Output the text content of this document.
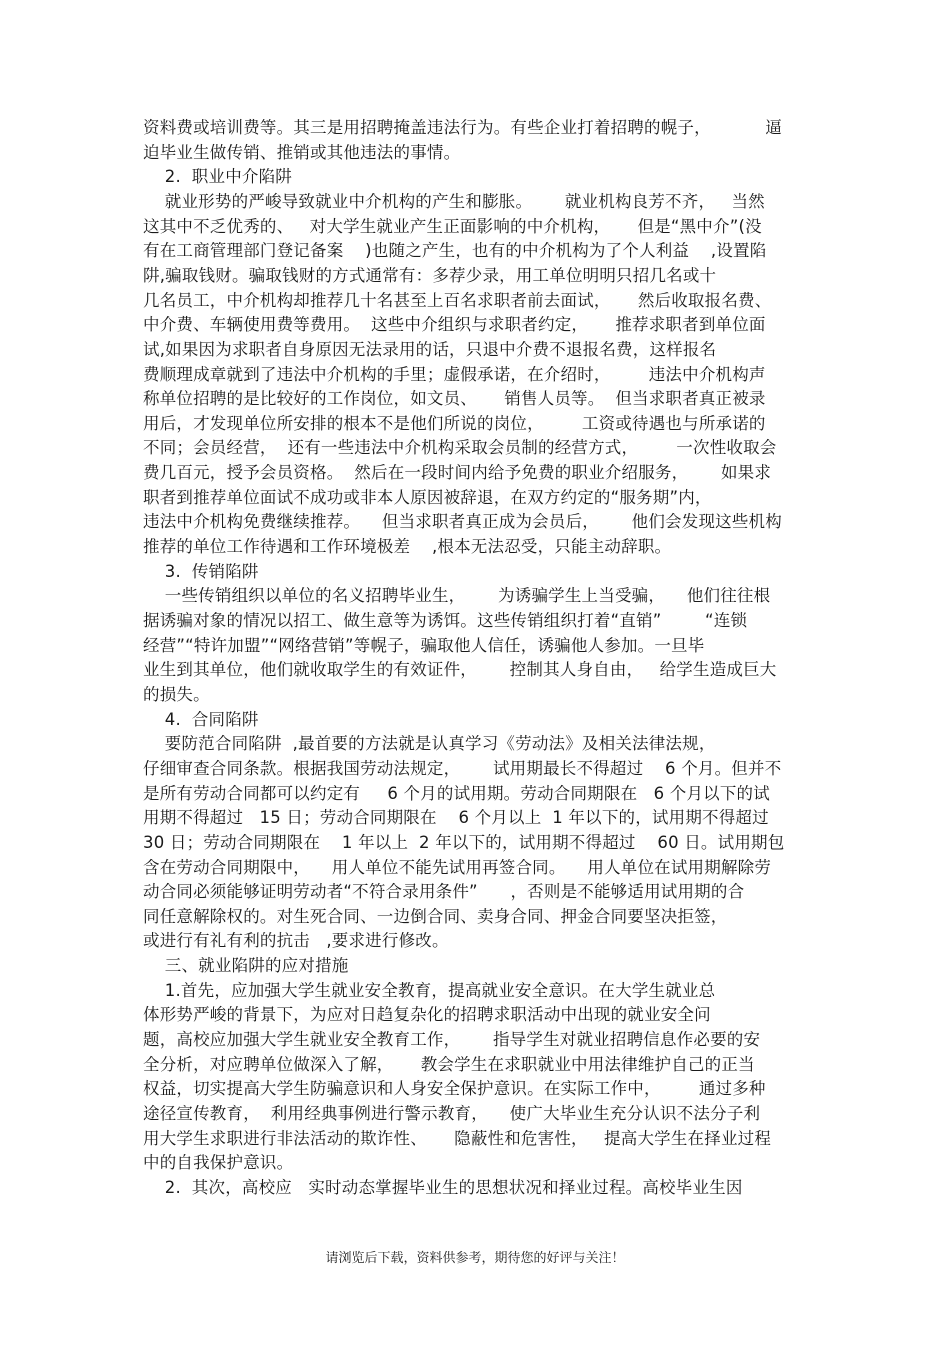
资料费或培训费等。其三是用招聘掩盖违法行为。有些企业打着招聘的幌子，          逼
迫毕业生做传销、推销或其他违法的事情。
2.  职业中介陷阱
就业形势的严峻导致就业中介机构的产生和膨胀。      就业机构良芳不齐，   当然
这其中不乏优秀的、   对大学生就业产生正面影响的中介机构，     但是“黑中介”(没
有在工商管理部门登记备案    )也随之产生，也有的中介机构为了个人利益    ,设置陷
阱,骗取钱财。骗取钱财的方式通常有：多荐少录，用工单位明明只招几名或十
几名员工，中介机构却推荐几十名甚至上百名求职者前去面试，     然后收取报名费、
中介费、车辆使用费等费用。  这些中介组织与求职者约定，     推荐求职者到单位面
试,如果因为求职者自身原因无法录用的话，只退中介费不退报名费，这样报名
费顺理成章就到了违法中介机构的手里；虚假承诺，在介绍时，       违法中介机构声
称单位招聘的是比较好的工作岗位，如文员、     销售人员等。  但当求职者真正被录
用后，才发现单位所安排的根本不是他们所说的岗位，       工资或待遇也与所承诺的
不同；会员经营，  还有一些违法中介机构采取会员制的经营方式，       一次性收取会
费几百元，授予会员资格。  然后在一段时间内给予免费的职业介绍服务，      如果求
职者到推荐单位面试不成功或非本人原因被辞退，在双方约定的“服务期”内，
违法中介机构免费继续推荐。    但当求职者真正成为会员后，      他们会发现这些机构
推荐的单位工作待遇和工作环境极差    ,根本无法忍受，只能主动辞职。
3.  传销陷阱
一些传销组织以单位的名义招聘毕业生，      为诱骗学生上当受骗，    他们往往根
据诱骗对象的情况以招工、做生意等为诱饵。这些传销组织打着“直销”        “连锁
经营”“特许加盟”“网络营销”等幌子，骗取他人信任，诱骗他人参加。一旦毕
业生到其单位，他们就收取学生的有效证件，      控制其人身自由，   给学生造成巨大
的损失。
4.  合同陷阱
要防范合同陷阱  ,最首要的方法就是认真学习《劳动法》及相关法律法规，
仔细审查合同条款。根据我国劳动法规定，      试用期最长不得超过    6 个月。但并不
是所有劳动合同都可以约定有     6 个月的试用期。劳动合同期限在   6 个月以下的试
用期不得超过   15 日；劳动合同期限在    6 个月以上  1 年以下的，试用期不得超过
30 日；劳动合同期限在    1 年以上  2 年以下的，试用期不得超过    60 日。试用期包
含在劳动合同期限中，    用人单位不能先试用再签合同。    用人单位在试用期解除劳
动合同必须能够证明劳动者“不符合录用条件”      ，否则是不能够适用试用期的合
同任意解除权的。对生死合同、一边倒合同、卖身合同、押金合同要坚决拒签，
或进行有礼有利的抗击   ,要求进行修改。
三、就业陷阱的应对措施
1.首先，应加强大学生就业安全教育，提高就业安全意识。在大学生就业总
体形势严峻的背景下，为应对日趋复杂化的招聘求职活动中出现的就业安全问
题，高校应加强大学生就业安全教育工作，      指导学生对就业招聘信息作必要的安
全分析，对应聘单位做深入了解，     教会学生在求职就业中用法律维护自己的正当
权益，切实提高大学生防骗意识和人身安全保护意识。在实际工作中，       通过多种
途径宣传教育，  利用经典事例进行警示教育，    使广大毕业生充分认识不法分子利
用大学生求职进行非法活动的欺诈性、     隐蔽性和危害性，   提高大学生在择业过程
中的自我保护意识。
2.  其次，高校应   实时动态掌握毕业生的思想状况和择业过程。高校毕业生因
请浏览后下载，资料供参考，期待您的好评与关注！
